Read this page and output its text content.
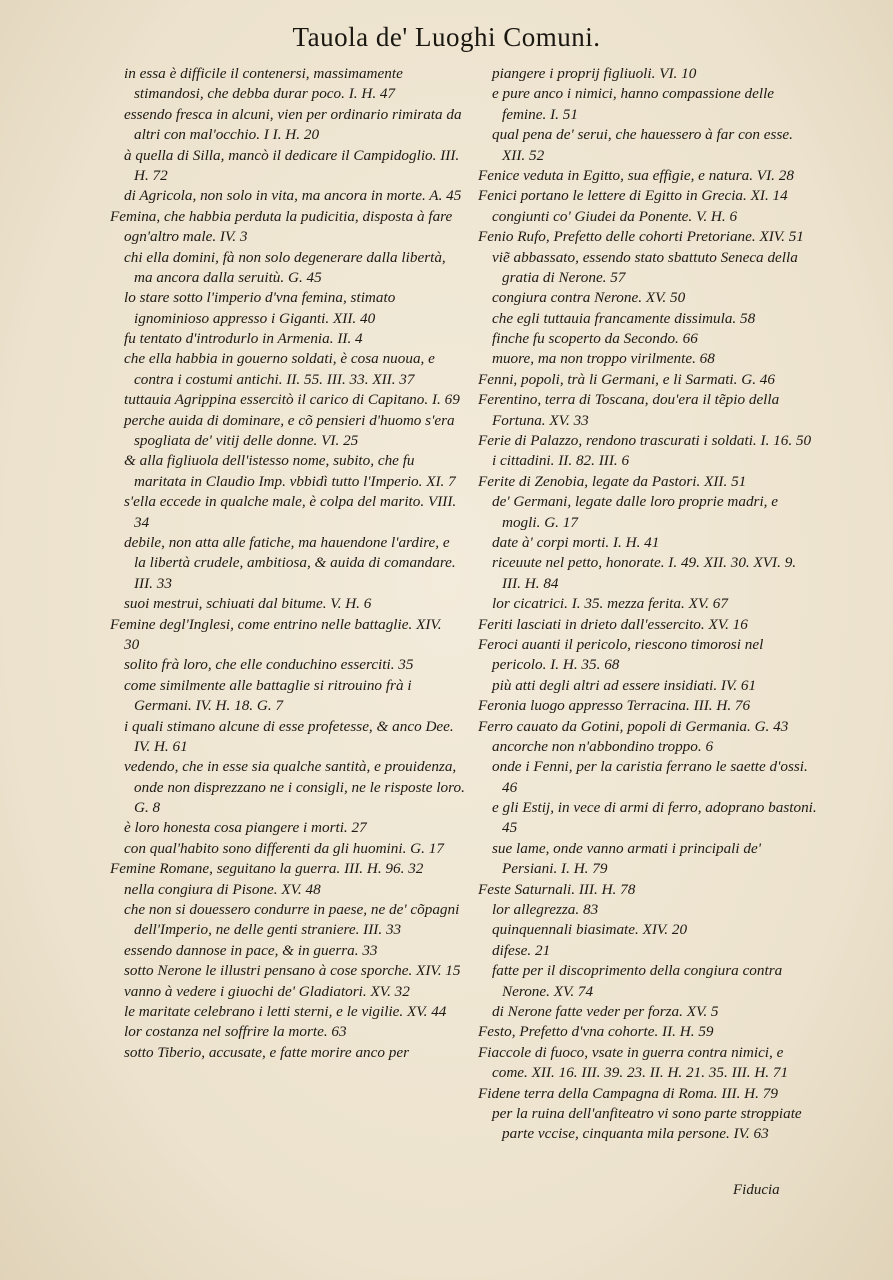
Tauola de' Luoghi Comuni.
in essa è difficile il contenersi, massimamente
stimandosi, che debba durar poco. I. H. 47
essendo fresca in alcuni, vien per ordinario rimirata da
altri con mal'occhio. I I. H. 20
à quella di Silla, mancò il dedicare il Campidoglio. III.
H. 72
di Agricola, non solo in vita, ma ancora in morte. A. 45
Femina, che habbia perduta la pudicitia, disposta à fare
ogn'altro male. IV. 3
chi ella domini, fà non solo degenerare dalla libertà,
ma ancora dalla seruitù. G. 45
lo stare sotto l'imperio d'vna femina, stimato
ignominioso appresso i Giganti. XII. 40
fu tentato d'introdurlo in Armenia. II. 4
che ella habbia in gouerno soldati, è cosa nuoua, e
contra i costumi antichi. II. 55. III. 33. XII. 37
tuttauia Agrippina essercitò il carico di Capitano. I. 69
perche auida di dominare, e cõ pensieri d'huomo s'era
spogliata de' vitij delle donne. VI. 25
& alla figliuola dell'istesso nome, subito, che fu
maritata in Claudio Imp. vbbidì tutto l'Imperio. XI. 7
s'ella eccede in qualche male, è colpa del marito. VIII.
34
debile, non atta alle fatiche, ma hauendone l'ardire, e
la libertà crudele, ambitiosa, & auida di comandare.
III. 33
suoi mestrui, schiuati dal bitume. V. H. 6
Femine degl'Inglesi, come entrino nelle battaglie. XIV.
30
solito frà loro, che elle conduchino esserciti. 35
come similmente alle battaglie si ritrouino frà i
Germani. IV. H. 18. G. 7
i quali stimano alcune di esse profetesse, & anco Dee.
IV. H. 61
vedendo, che in esse sia qualche santità, e prouidenza,
onde non disprezzano ne i consigli, ne le risposte loro.
G. 8
è loro honesta cosa piangere i morti. 27
con qual'habito sono differenti da gli huomini. G. 17
Femine Romane, seguitano la guerra. III. H. 96. 32
nella congiura di Pisone. XV. 48
che non si douessero condurre in paese, ne de' cõpagni
dell'Imperio, ne delle genti straniere. III. 33
essendo dannose in pace, & in guerra. 33
sotto Nerone le illustri pensano à cose sporche. XIV. 15
vanno à vedere i giuochi de' Gladiatori. XV. 32
le maritate celebrano i letti sterni, e le vigilie. XV. 44
lor costanza nel soffrire la morte. 63
sotto Tiberio, accusate, e fatte morire anco per
piangere i proprij figliuoli. VI. 10
e pure anco i nimici, hanno compassione delle
femine. I. 51
qual pena de' serui, che hauessero à far con esse.
XII. 52
Fenice veduta in Egitto, sua effigie, e natura. VI. 28
Fenici portano le lettere di Egitto in Grecia. XI. 14
congiunti co' Giudei da Ponente. V. H. 6
Fenio Rufo, Prefetto delle cohorti Pretoriane. XIV. 51
viẽ abbassato, essendo stato sbattuto Seneca della
gratia di Nerone. 57
congiura contra Nerone. XV. 50
che egli tuttauia francamente dissimula. 58
finche fu scoperto da Secondo. 66
muore, ma non troppo virilmente. 68
Fenni, popoli, trà li Germani, e li Sarmati. G. 46
Ferentino, terra di Toscana, dou'era il tẽpio della
Fortuna. XV. 33
Ferie di Palazzo, rendono trascurati i soldati. I. 16. 50
i cittadini. II. 82. III. 6
Ferite di Zenobia, legate da Pastori. XII. 51
de' Germani, legate dalle loro proprie madri, e
mogli. G. 17
date à' corpi morti. I. H. 41
riceuute nel petto, honorate. I. 49. XII. 30. XVI. 9.
III. H. 84
lor cicatrici. I. 35. mezza ferita. XV. 67
Feriti lasciati in drieto dall'essercito. XV. 16
Feroci auanti il pericolo, riescono timorosi nel
pericolo. I. H. 35. 68
più atti degli altri ad essere insidiati. IV. 61
Feronia luogo appresso Terracina. III. H. 76
Ferro cauato da Gotini, popoli di Germania. G. 43
ancorche non n'abbondino troppo. 6
onde i Fenni, per la caristia ferrano le saette d'ossi.
46
e gli Estij, in vece di armi di ferro, adoprano bastoni.
45
sue lame, onde vanno armati i principali de'
Persiani. I. H. 79
Feste Saturnali. III. H. 78
lor allegrezza. 83
quinquennali biasimate. XIV. 20
difese. 21
fatte per il discoprimento della congiura contra
Nerone. XV. 74
di Nerone fatte veder per forza. XV. 5
Festo, Prefetto d'vna cohorte. II. H. 59
Fiaccole di fuoco, vsate in guerra contra nimici, e
come. XII. 16. III. 39. 23. II. H. 21. 35. III. H. 71
Fidene terra della Campagna di Roma. III. H. 79
per la ruina dell'anfiteatro vi sono parte stroppiate
parte vccise, cinquanta mila persone. IV. 63
Fiducia
